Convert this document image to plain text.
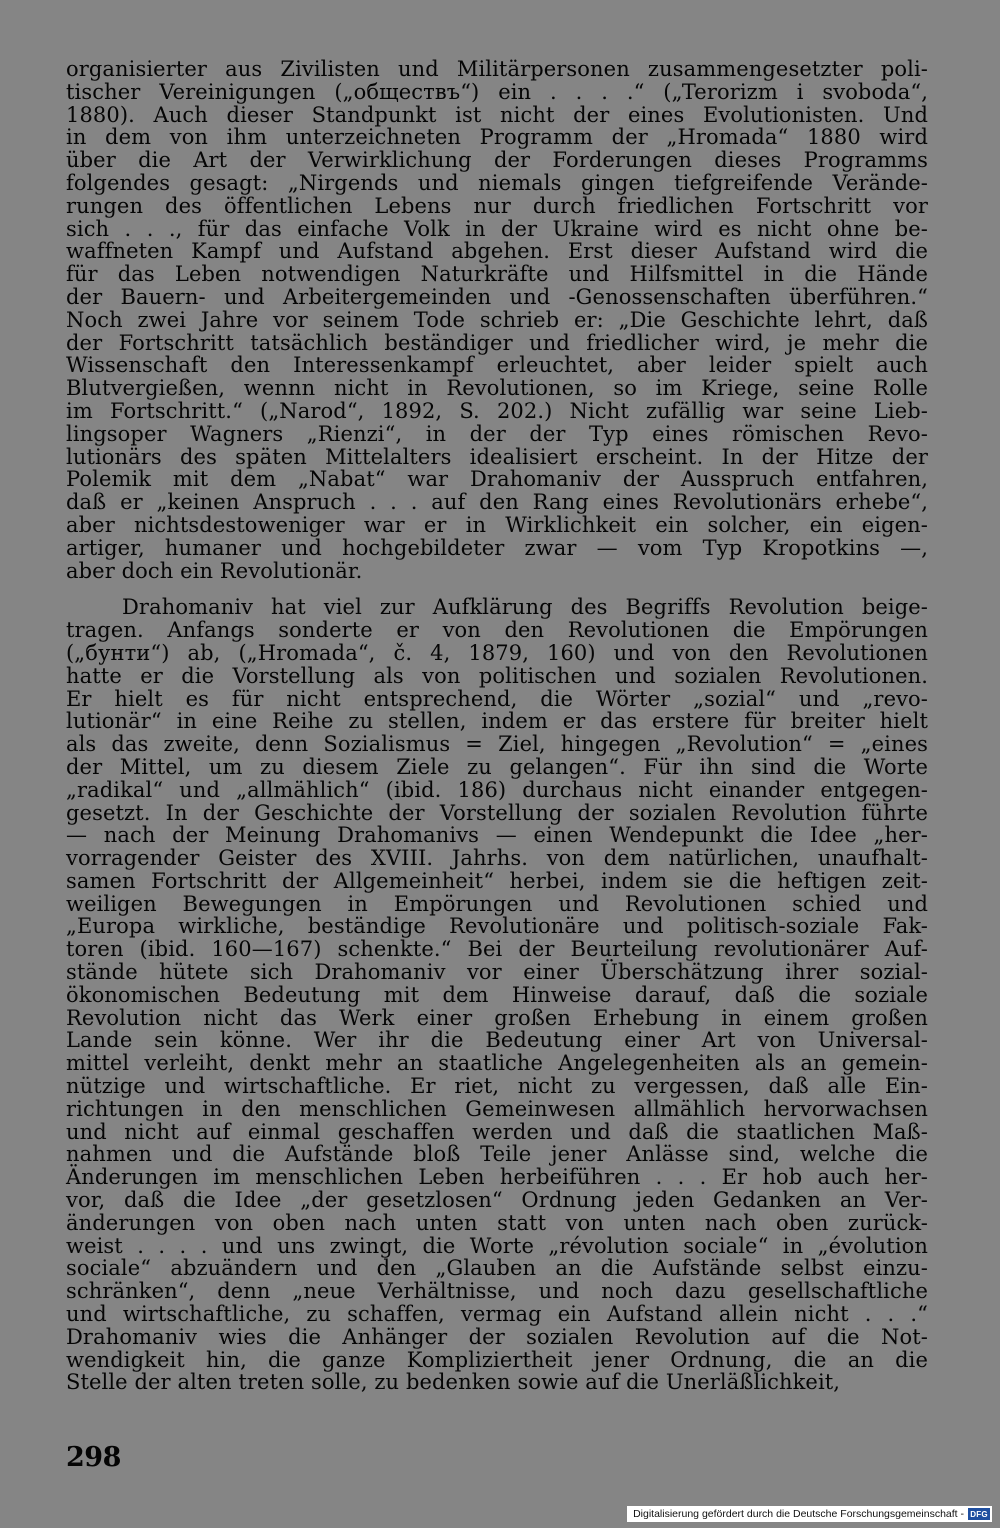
organisierter aus Zivilisten und Militärpersonen zusammengesetzter poli-
tischer Vereinigungen („обществъ“) ein . . . .“ („Terorizm i svoboda“,
1880). Auch dieser Standpunkt ist nicht der eines Evolutionisten. Und
in dem von ihm unterzeichneten Programm der „Hromada“ 1880 wird
über die Art der Verwirklichung der Forderungen dieses Programms
folgendes gesagt: „Nirgends und niemals gingen tiefgreifende Verände-
rungen des öffentlichen Lebens nur durch friedlichen Fortschritt vor
sich . . ., für das einfache Volk in der Ukraine wird es nicht ohne be-
waffneten Kampf und Aufstand abgehen. Erst dieser Aufstand wird die
für das Leben notwendigen Naturkräfte und Hilfsmittel in die Hände
der Bauern- und Arbeitergemeinden und -Genossenschaften überführen.“
Noch zwei Jahre vor seinem Tode schrieb er: „Die Geschichte lehrt, daß
der Fortschritt tatsächlich beständiger und friedlicher wird, je mehr die
Wissenschaft den Interessenkampf erleuchtet, aber leider spielt auch
Blutvergießen, wennn nicht in Revolutionen, so im Kriege, seine Rolle
im Fortschritt.“ („Narod“, 1892, S. 202.) Nicht zufällig war seine Lieb-
lingsoper Wagners „Rienzi“, in der der Typ eines römischen Revo-
lutionärs des späten Mittelalters idealisiert erscheint. In der Hitze der
Polemik mit dem „Nabat“ war Drahomaniv der Ausspruch entfahren,
daß er „keinen Anspruch . . . auf den Rang eines Revolutionärs erhebe“,
aber nichtsdestoweniger war er in Wirklichkeit ein solcher, ein eigen-
artiger, humaner und hochgebildeter zwar — vom Typ Kropotkins —,
aber doch ein Revolutionär.
Drahomaniv hat viel zur Aufklärung des Begriffs Revolution beige-
tragen. Anfangs sonderte er von den Revolutionen die Empörungen
(„бунти“) ab, („Hromada“, č. 4, 1879, 160) und von den Revolutionen
hatte er die Vorstellung als von politischen und sozialen Revolutionen.
Er hielt es für nicht entsprechend, die Wörter „sozial“ und „revo-
lutionär“ in eine Reihe zu stellen, indem er das erstere für breiter hielt
als das zweite, denn Sozialismus = Ziel, hingegen „Revolution“ = „eines
der Mittel, um zu diesem Ziele zu gelangen“. Für ihn sind die Worte
„radikal“ und „allmählich“ (ibid. 186) durchaus nicht einander entgegen-
gesetzt. In der Geschichte der Vorstellung der sozialen Revolution führte
— nach der Meinung Drahomanivs — einen Wendepunkt die Idee „her-
vorragender Geister des XVIII. Jahrhs. von dem natürlichen, unaufhalt-
samen Fortschritt der Allgemeinheit“ herbei, indem sie die heftigen zeit-
weiligen Bewegungen in Empörungen und Revolutionen schied und
„Europa wirkliche, beständige Revolutionäre und politisch-soziale Fak-
toren (ibid. 160—167) schenkte.“ Bei der Beurteilung revolutionärer Auf-
stände hütete sich Drahomaniv vor einer Überschätzung ihrer sozial-
ökonomischen Bedeutung mit dem Hinweise darauf, daß die soziale
Revolution nicht das Werk einer großen Erhebung in einem großen
Lande sein könne. Wer ihr die Bedeutung einer Art von Universal-
mittel verleiht, denkt mehr an staatliche Angelegenheiten als an gemein-
nützige und wirtschaftliche. Er riet, nicht zu vergessen, daß alle Ein-
richtungen in den menschlichen Gemeinwesen allmählich hervorwachsen
und nicht auf einmal geschaffen werden und daß die staatlichen Maß-
nahmen und die Aufstände bloß Teile jener Anlässe sind, welche die
Änderungen im menschlichen Leben herbeiführen . . . Er hob auch her-
vor, daß die Idee „der gesetzlosen“ Ordnung jeden Gedanken an Ver-
änderungen von oben nach unten statt von unten nach oben zurück-
weist . . . . und uns zwingt, die Worte „révolution sociale“ in „évolution
sociale“ abzuändern und den „Glauben an die Aufstände selbst einzu-
schränken“, denn „neue Verhältnisse, und noch dazu gesellschaftliche
und wirtschaftliche, zu schaffen, vermag ein Aufstand allein nicht . . .“
Drahomaniv wies die Anhänger der sozialen Revolution auf die Not-
wendigkeit hin, die ganze Kompliziertheit jener Ordnung, die an die
Stelle der alten treten solle, zu bedenken sowie auf die Unerläßlichkeit,
298
Digitalisierung gefördert durch die Deutsche Forschungsgemeinschaft - DFG
